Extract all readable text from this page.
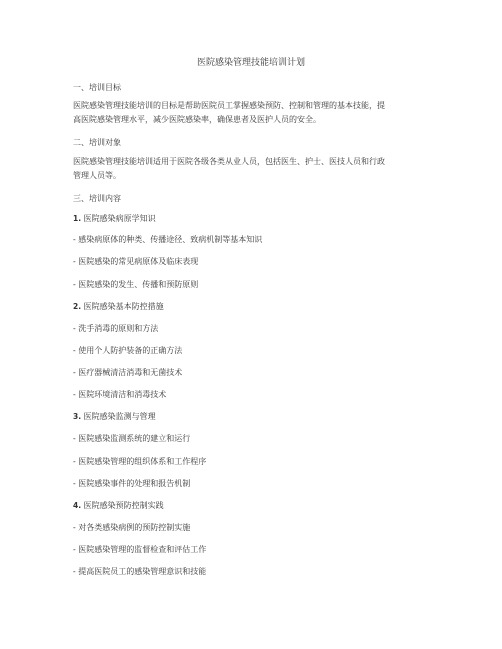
医院感染管理技能培训计划
一、培训目标
医院感染管理技能培训的目标是帮助医院员工掌握感染预防、控制和管理的基本技能，提
高医院感染管理水平，减少医院感染率，确保患者及医护人员的安全。
二、培训对象
医院感染管理技能培训适用于医院各级各类从业人员，包括医生、护士、医技人员和行政
管理人员等。
三、培训内容
1. 医院感染病原学知识
- 感染病原体的种类、传播途径、致病机制等基本知识
- 医院感染的常见病原体及临床表现
- 医院感染的发生、传播和预防原则
2. 医院感染基本防控措施
- 洗手消毒的原则和方法
- 使用个人防护装备的正确方法
- 医疗器械清洁消毒和无菌技术
- 医院环境清洁和消毒技术
3. 医院感染监测与管理
- 医院感染监测系统的建立和运行
- 医院感染管理的组织体系和工作程序
- 医院感染事件的处理和报告机制
4. 医院感染预防控制实践
- 对各类感染病例的预防控制实施
- 医院感染管理的监督检查和评估工作
- 提高医院员工的感染管理意识和技能
